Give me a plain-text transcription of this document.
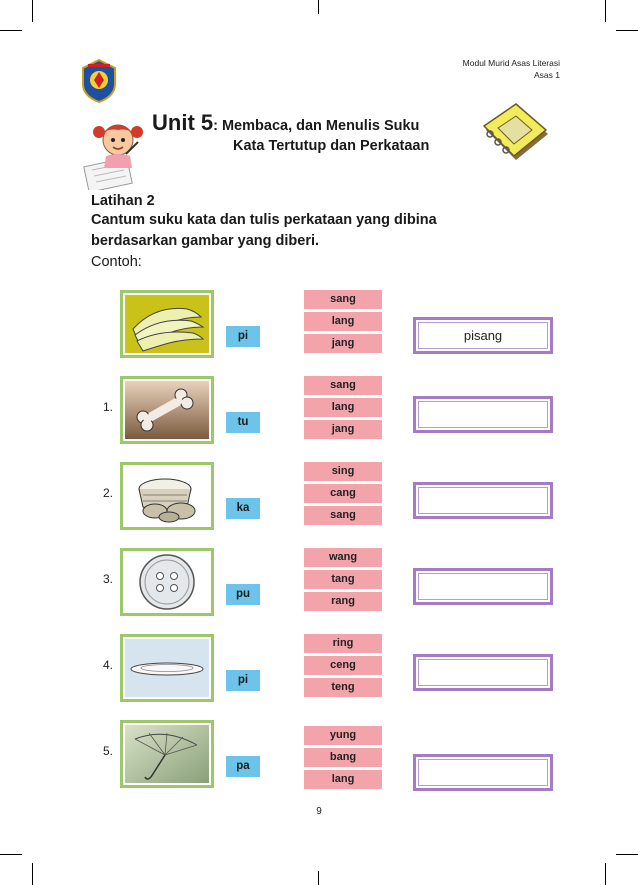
Modul Murid Asas Literasi
Asas 1
Unit 5: Membaca, dan Menulis Suku
Kata Tertutup dan Perkataan
Latihan 2
Cantum suku kata dan tulis perkataan yang dibina
berdasarkan gambar yang diberi.
Contoh:
pi
sang
lang
jang	pisang
1.
tu
sang
lang
jang
2.
ka
sing
cang
sang
3.
pu
wang
tang
rang
4.
pi
ring
ceng
teng
5.
pa
yung
bang
lang
9
